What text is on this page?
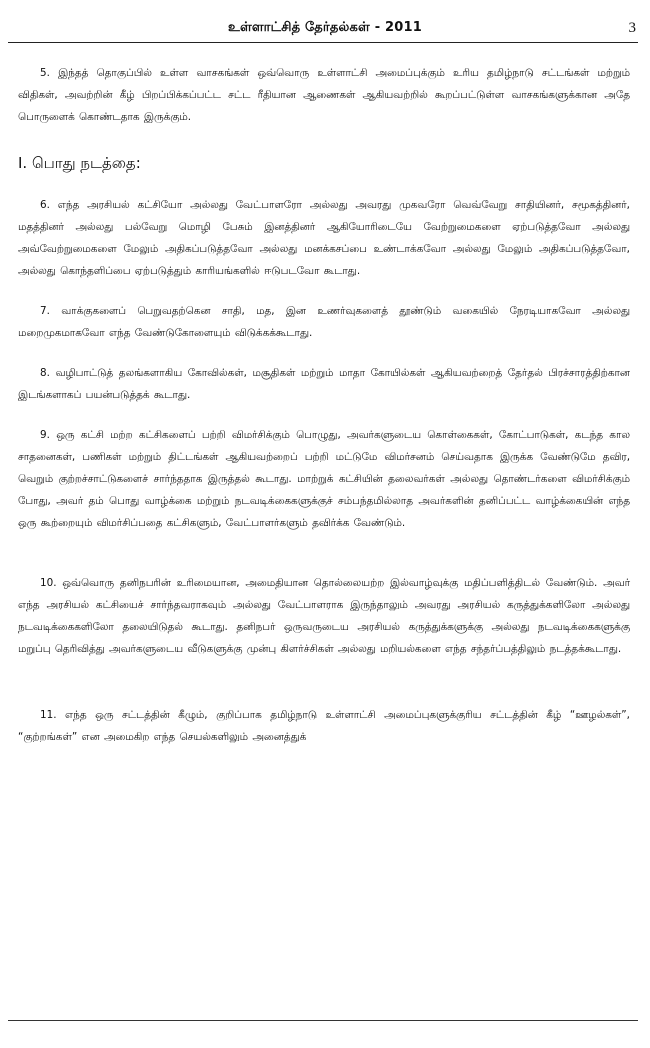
உள்ளாட்சித் தேர்தல்கள் - 2011	3

5. இந்தத் தொகுப்பில் உள்ள வாசகங்கள் ஒவ்வொரு உள்ளாட்சி அமைப்புக்கும் உரிய தமிழ்நாடு சட்டங்கள் மற்றும் விதிகள், அவற்றின் கீழ் பிறப்பிக்கப்பட்ட சட்ட ரீதியான ஆணைகள் ஆகியவற்றில் கூறப்பட்டுள்ள வாசகங்களுக்கான அதே பொருளைக் கொண்டதாக இருக்கும்.

I. பொது நடத்தை:

6. எந்த அரசியல் கட்சியோ அல்லது வேட்பாளரோ அல்லது அவரது முகவரோ வெவ்வேறு சாதியினர், சமூகத்தினர், மதத்தினர் அல்லது பல்வேறு மொழி பேசும் இனத்தினர் ஆகியோரிடையே வேற்றுமைகளை ஏற்படுத்தவோ அல்லது அவ்வேற்றுமைகளை மேலும் அதிகப்படுத்தவோ அல்லது மனக்கசப்பை உண்டாக்கவோ அல்லது மேலும் அதிகப்படுத்தவோ, அல்லது கொந்தளிப்பை ஏற்படுத்தும் காரியங்களில் ஈடுபடவோ கூடாது.

7. வாக்குகளைப் பெறுவதற்கென சாதி, மத, இன உணர்வுகளைத் தூண்டும் வகையில் நேரடியாகவோ அல்லது மறைமுகமாகவோ எந்த வேண்டுகோளையும் விடுக்கக்கூடாது.

8. வழிபாட்டுத் தலங்களாகிய கோவில்கள், மசூதிகள் மற்றும் மாதா கோயில்கள் ஆகியவற்றைத் தேர்தல் பிரச்சாரத்திற்கான இடங்களாகப் பயன்படுத்தக் கூடாது.

9. ஒரு கட்சி மற்ற கட்சிகளைப் பற்றி விமர்சிக்கும் பொழுது, அவர்களுடைய கொள்கைகள், கோட்பாடுகள், கடந்த கால சாதனைகள், பணிகள் மற்றும் திட்டங்கள் ஆகியவற்றைப் பற்றி மட்டுமே விமர்சனம் செய்வதாக இருக்க வேண்டுமே தவிர, வெறும் குற்றச்சாட்டுகளைச் சார்ந்ததாக இருத்தல் கூடாது. மாற்றுக் கட்சியின் தலைவர்கள் அல்லது தொண்டர்களை விமர்சிக்கும் போது, அவர் தம் பொது வாழ்க்கை மற்றும் நடவடிக்கைகளுக்குச் சம்பந்தமில்லாத அவர்களின் தனிப்பட்ட வாழ்க்கையின் எந்த ஒரு கூற்றையும் விமர்சிப்பதை கட்சிகளும், வேட்பாளர்களும் தவிர்க்க வேண்டும்.

10. ஒவ்வொரு தனிநபரின் உரிமையான, அமைதியான தொல்லையற்ற இல்வாழ்வுக்கு மதிப்பளித்திடல் வேண்டும். அவர் எந்த அரசியல் கட்சியைச் சார்ந்தவராகவும் அல்லது வேட்பாளராக இருந்தாலும் அவரது அரசியல் கருத்துக்களிலோ அல்லது நடவடிக்கைகளிலோ தலையிடுதல் கூடாது. தனிநபர் ஒருவருடைய அரசியல் கருத்துக்களுக்கு அல்லது நடவடிக்கைகளுக்கு மறுப்பு தெரிவித்து அவர்களுடைய வீடுகளுக்கு முன்பு கிளர்ச்சிகள் அல்லது மறியல்களை எந்த சந்தர்ப்பத்திலும் நடத்தக்கூடாது.

11. எந்த ஒரு சட்டத்தின் கீழும், குறிப்பாக தமிழ்நாடு உள்ளாட்சி அமைப்புகளுக்குரிய சட்டத்தின் கீழ் “ஊழல்கள்”, “குற்றங்கள்” என அமைகிற எந்த செயல்களிலும் அனைத்துக்
